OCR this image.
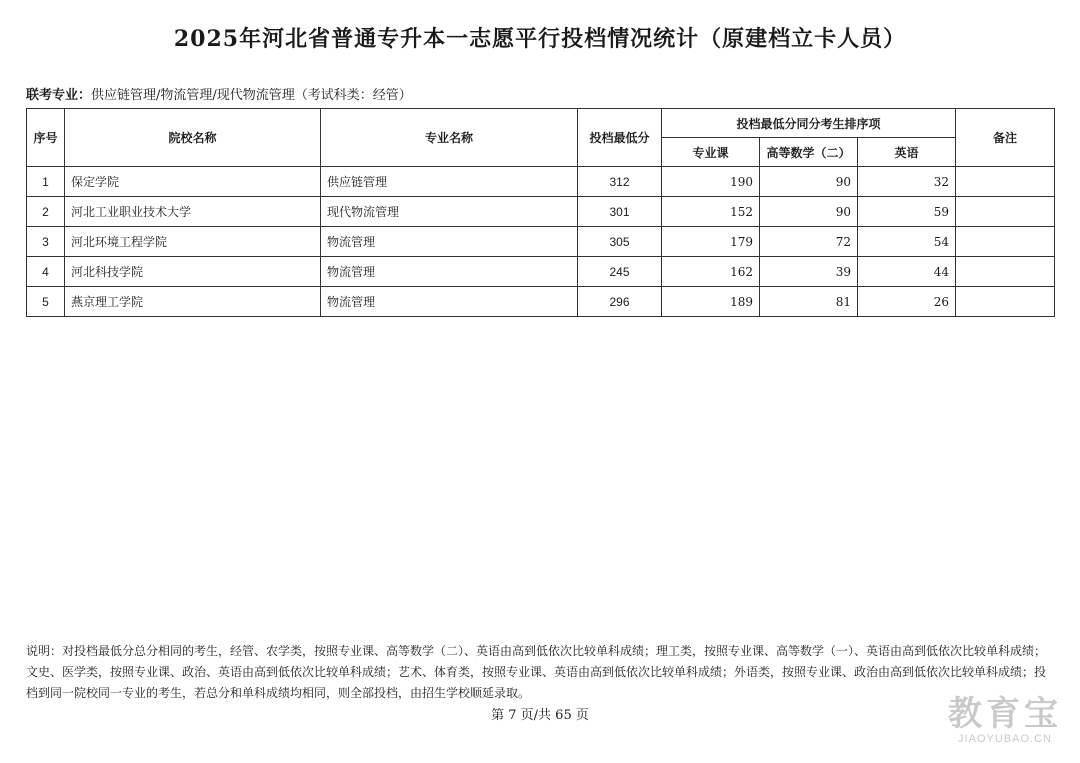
2025年河北省普通专升本一志愿平行投档情况统计（原建档立卡人员）
联考专业：供应链管理/物流管理/现代物流管理（考试科类：经管）
序号	院校名称	专业名称	投档最低分	投档最低分同分考生排序项			备注
				专业课	高等数学（二）	英语	
1	保定学院	供应链管理	312	190	90	32	
2	河北工业职业技术大学	现代物流管理	301	152	90	59	
3	河北环境工程学院	物流管理	305	179	72	54	
4	河北科技学院	物流管理	245	162	39	44	
5	燕京理工学院	物流管理	296	189	81	26	
说明：对投档最低分总分相同的考生，经管、农学类，按照专业课、高等数学（二）、英语由高到低依次比较单科成绩；理工类，按照专业课、高等数学（一）、英语由高到低依次比较单科成绩；文史、医学类，按照专业课、政治、英语由高到低依次比较单科成绩；艺术、体育类，按照专业课、英语由高到低依次比较单科成绩；外语类，按照专业课、政治由高到低依次比较单科成绩；投档到同一院校同一专业的考生，若总分和单科成绩均相同，则全部投档，由招生学校顺延录取。
第 7 页/共 65 页	教育宝
JIAOYUBAO.CN
